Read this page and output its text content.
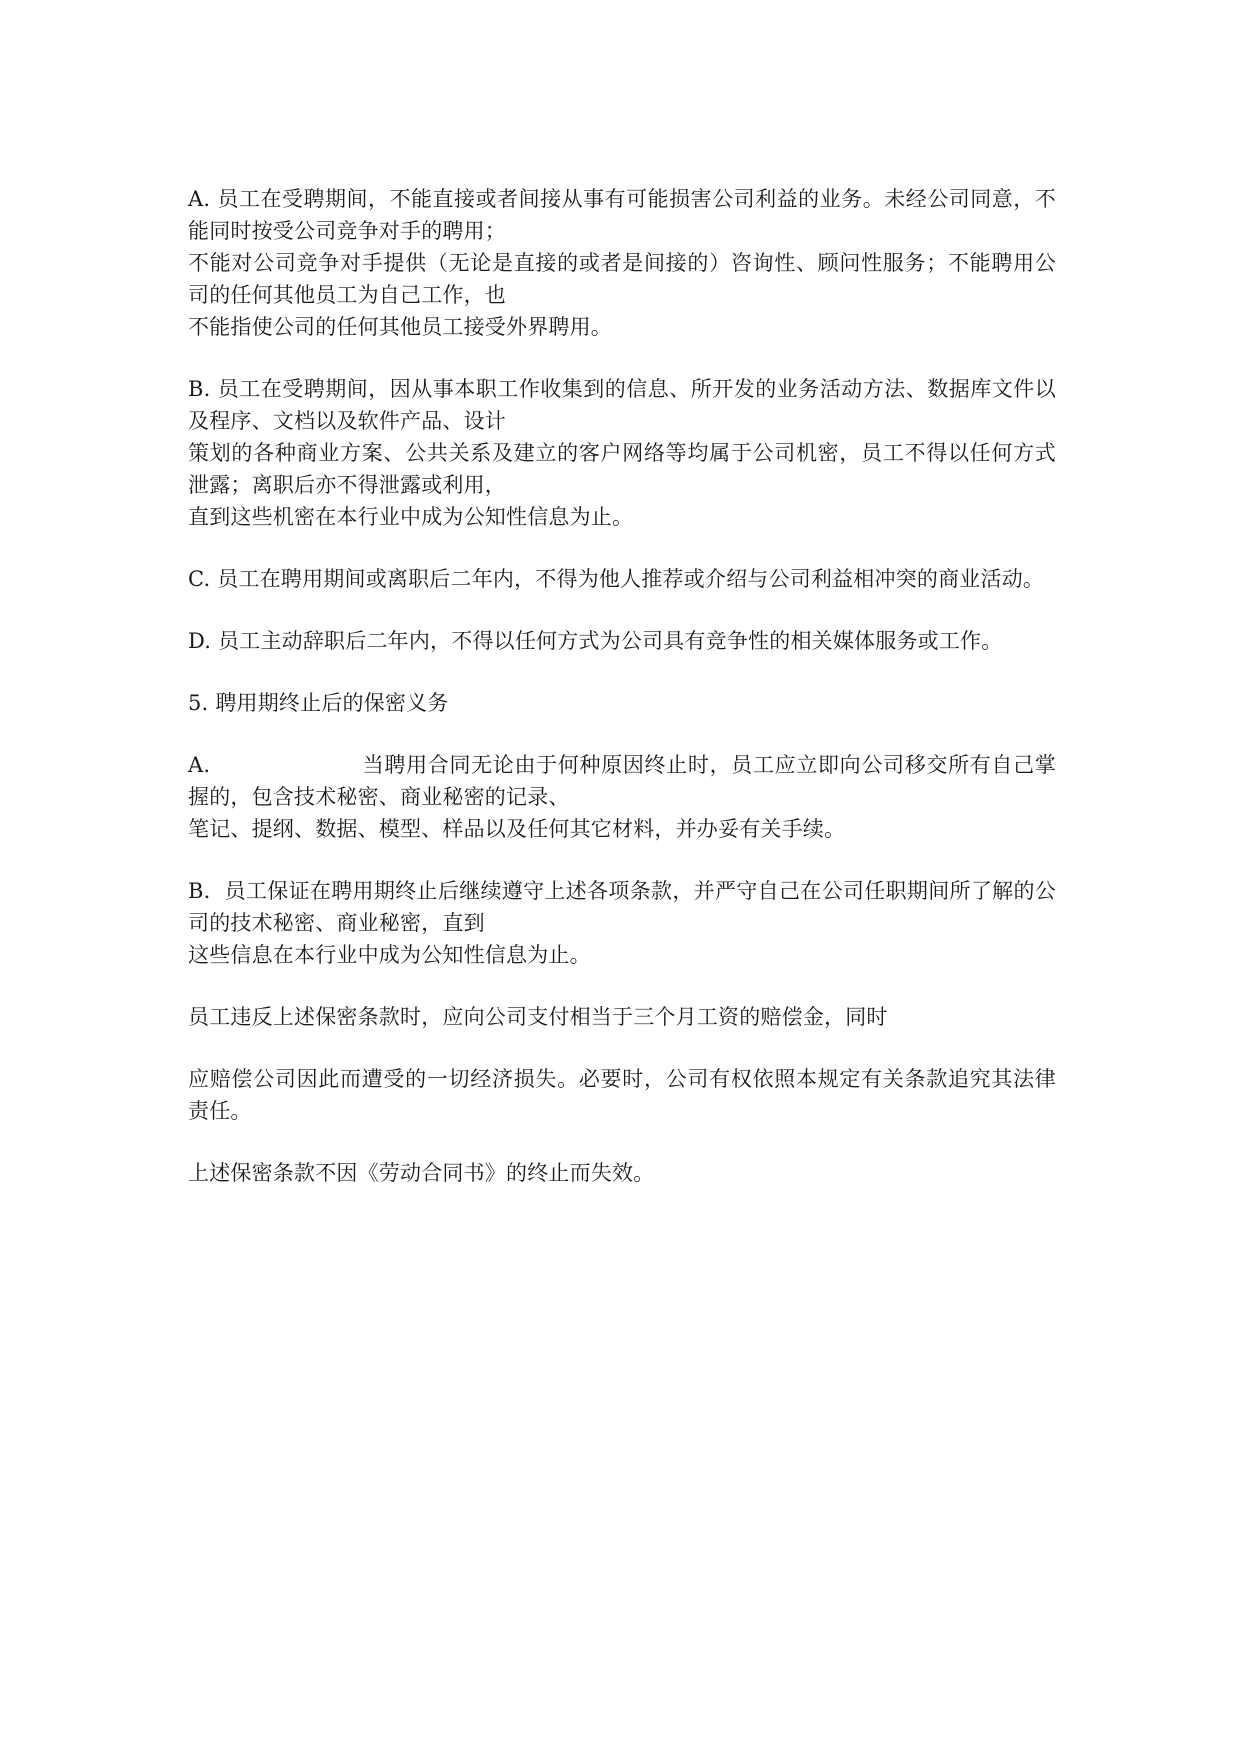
A. 员工在受聘期间，不能直接或者间接从事有可能损害公司利益的业务。未经公司同意，不能同时按受公司竞争对手的聘用；
不能对公司竞争对手提供（无论是直接的或者是间接的）咨询性、顾问性服务；不能聘用公司的任何其他员工为自己工作，也
不能指使公司的任何其他员工接受外界聘用。
B. 员工在受聘期间，因从事本职工作收集到的信息、所开发的业务活动方法、数据库文件以及程序、文档以及软件产品、设计
策划的各种商业方案、公共关系及建立的客户网络等均属于公司机密，员工不得以任何方式泄露；离职后亦不得泄露或利用，
直到这些机密在本行业中成为公知性信息为止。
C. 员工在聘用期间或离职后二年内，不得为他人推荐或介绍与公司利益相冲突的商业活动。
D. 员工主动辞职后二年内，不得以任何方式为公司具有竞争性的相关媒体服务或工作。
5. 聘用期终止后的保密义务
A.	当聘用合同无论由于何种原因终止时，员工应立即向公司移交所有自己掌握的，包含技术秘密、商业秘密的记录、
笔记、提纲、数据、模型、样品以及任何其它材料，并办妥有关手续。
B. 员工保证在聘用期终止后继续遵守上述各项条款，并严守自己在公司任职期间所了解的公司的技术秘密、商业秘密，直到
这些信息在本行业中成为公知性信息为止。
员工违反上述保密条款时，应向公司支付相当于三个月工资的赔偿金，同时
应赔偿公司因此而遭受的一切经济损失。必要时，公司有权依照本规定有关条款追究其法律责任。
上述保密条款不因《劳动合同书》的终止而失效。
